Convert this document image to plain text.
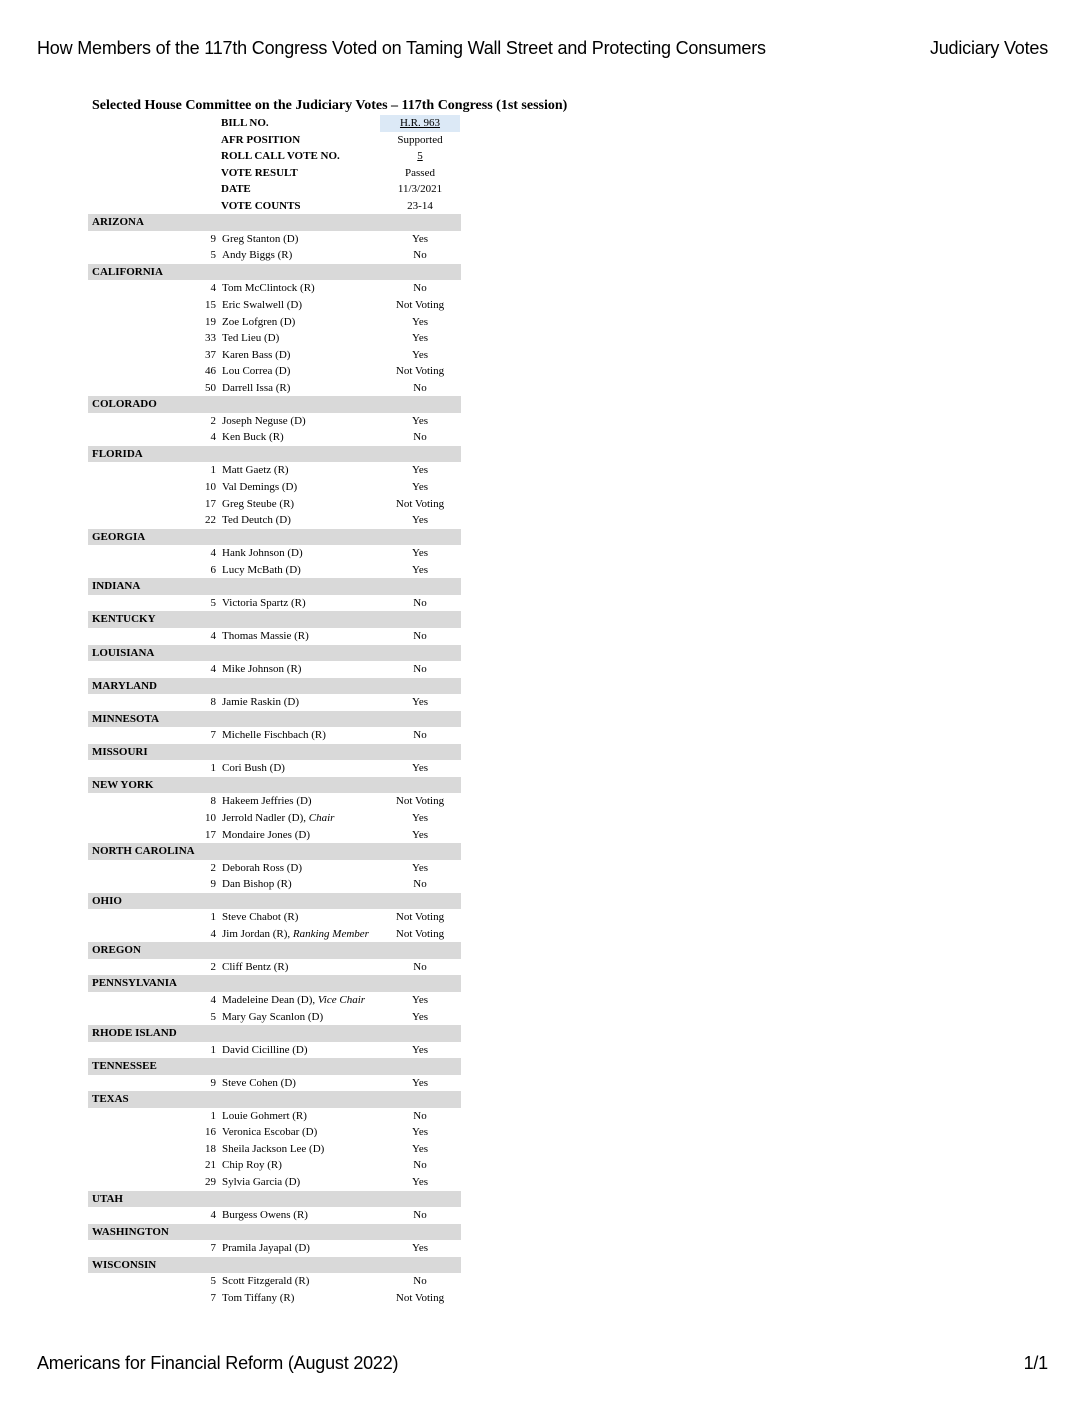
How Members of the 117th Congress Voted on Taming Wall Street and Protecting Consumers	Judiciary Votes
Selected House Committee on the Judiciary Votes – 117th Congress (1st session)
BILL NO.	H.R. 963
AFR POSITION	Supported
ROLL CALL VOTE NO.	5
VOTE RESULT	Passed
DATE	11/3/2021
VOTE COUNTS	23-14
ARIZONA
9 Greg Stanton (D)	Yes
5 Andy Biggs (R)	No
CALIFORNIA
4 Tom McClintock (R)	No
15 Eric Swalwell (D)	Not Voting
19 Zoe Lofgren (D)	Yes
33 Ted Lieu (D)	Yes
37 Karen Bass (D)	Yes
46 Lou Correa (D)	Not Voting
50 Darrell Issa (R)	No
COLORADO
2 Joseph Neguse (D)	Yes
4 Ken Buck (R)	No
FLORIDA
1 Matt Gaetz (R)	Yes
10 Val Demings (D)	Yes
17 Greg Steube (R)	Not Voting
22 Ted Deutch (D)	Yes
GEORGIA
4 Hank Johnson (D)	Yes
6 Lucy McBath (D)	Yes
INDIANA
5 Victoria Spartz (R)	No
KENTUCKY
4 Thomas Massie (R)	No
LOUISIANA
4 Mike Johnson (R)	No
MARYLAND
8 Jamie Raskin (D)	Yes
MINNESOTA
7 Michelle Fischbach (R)	No
MISSOURI
1 Cori Bush (D)	Yes
NEW YORK
8 Hakeem Jeffries (D)	Not Voting
10 Jerrold Nadler (D), Chair	Yes
17 Mondaire Jones (D)	Yes
NORTH CAROLINA
2 Deborah Ross (D)	Yes
9 Dan Bishop (R)	No
OHIO
1 Steve Chabot (R)	Not Voting
4 Jim Jordan (R), Ranking Member	Not Voting
OREGON
2 Cliff Bentz (R)	No
PENNSYLVANIA
4 Madeleine Dean (D), Vice Chair	Yes
5 Mary Gay Scanlon (D)	Yes
RHODE ISLAND
1 David Cicilline (D)	Yes
TENNESSEE
9 Steve Cohen (D)	Yes
TEXAS
1 Louie Gohmert (R)	No
16 Veronica Escobar (D)	Yes
18 Sheila Jackson Lee (D)	Yes
21 Chip Roy (R)	No
29 Sylvia Garcia (D)	Yes
UTAH
4 Burgess Owens (R)	No
WASHINGTON
7 Pramila Jayapal (D)	Yes
WISCONSIN
5 Scott Fitzgerald (R)	No
7 Tom Tiffany (R)	Not Voting
Americans for Financial Reform (August 2022)	1/1
